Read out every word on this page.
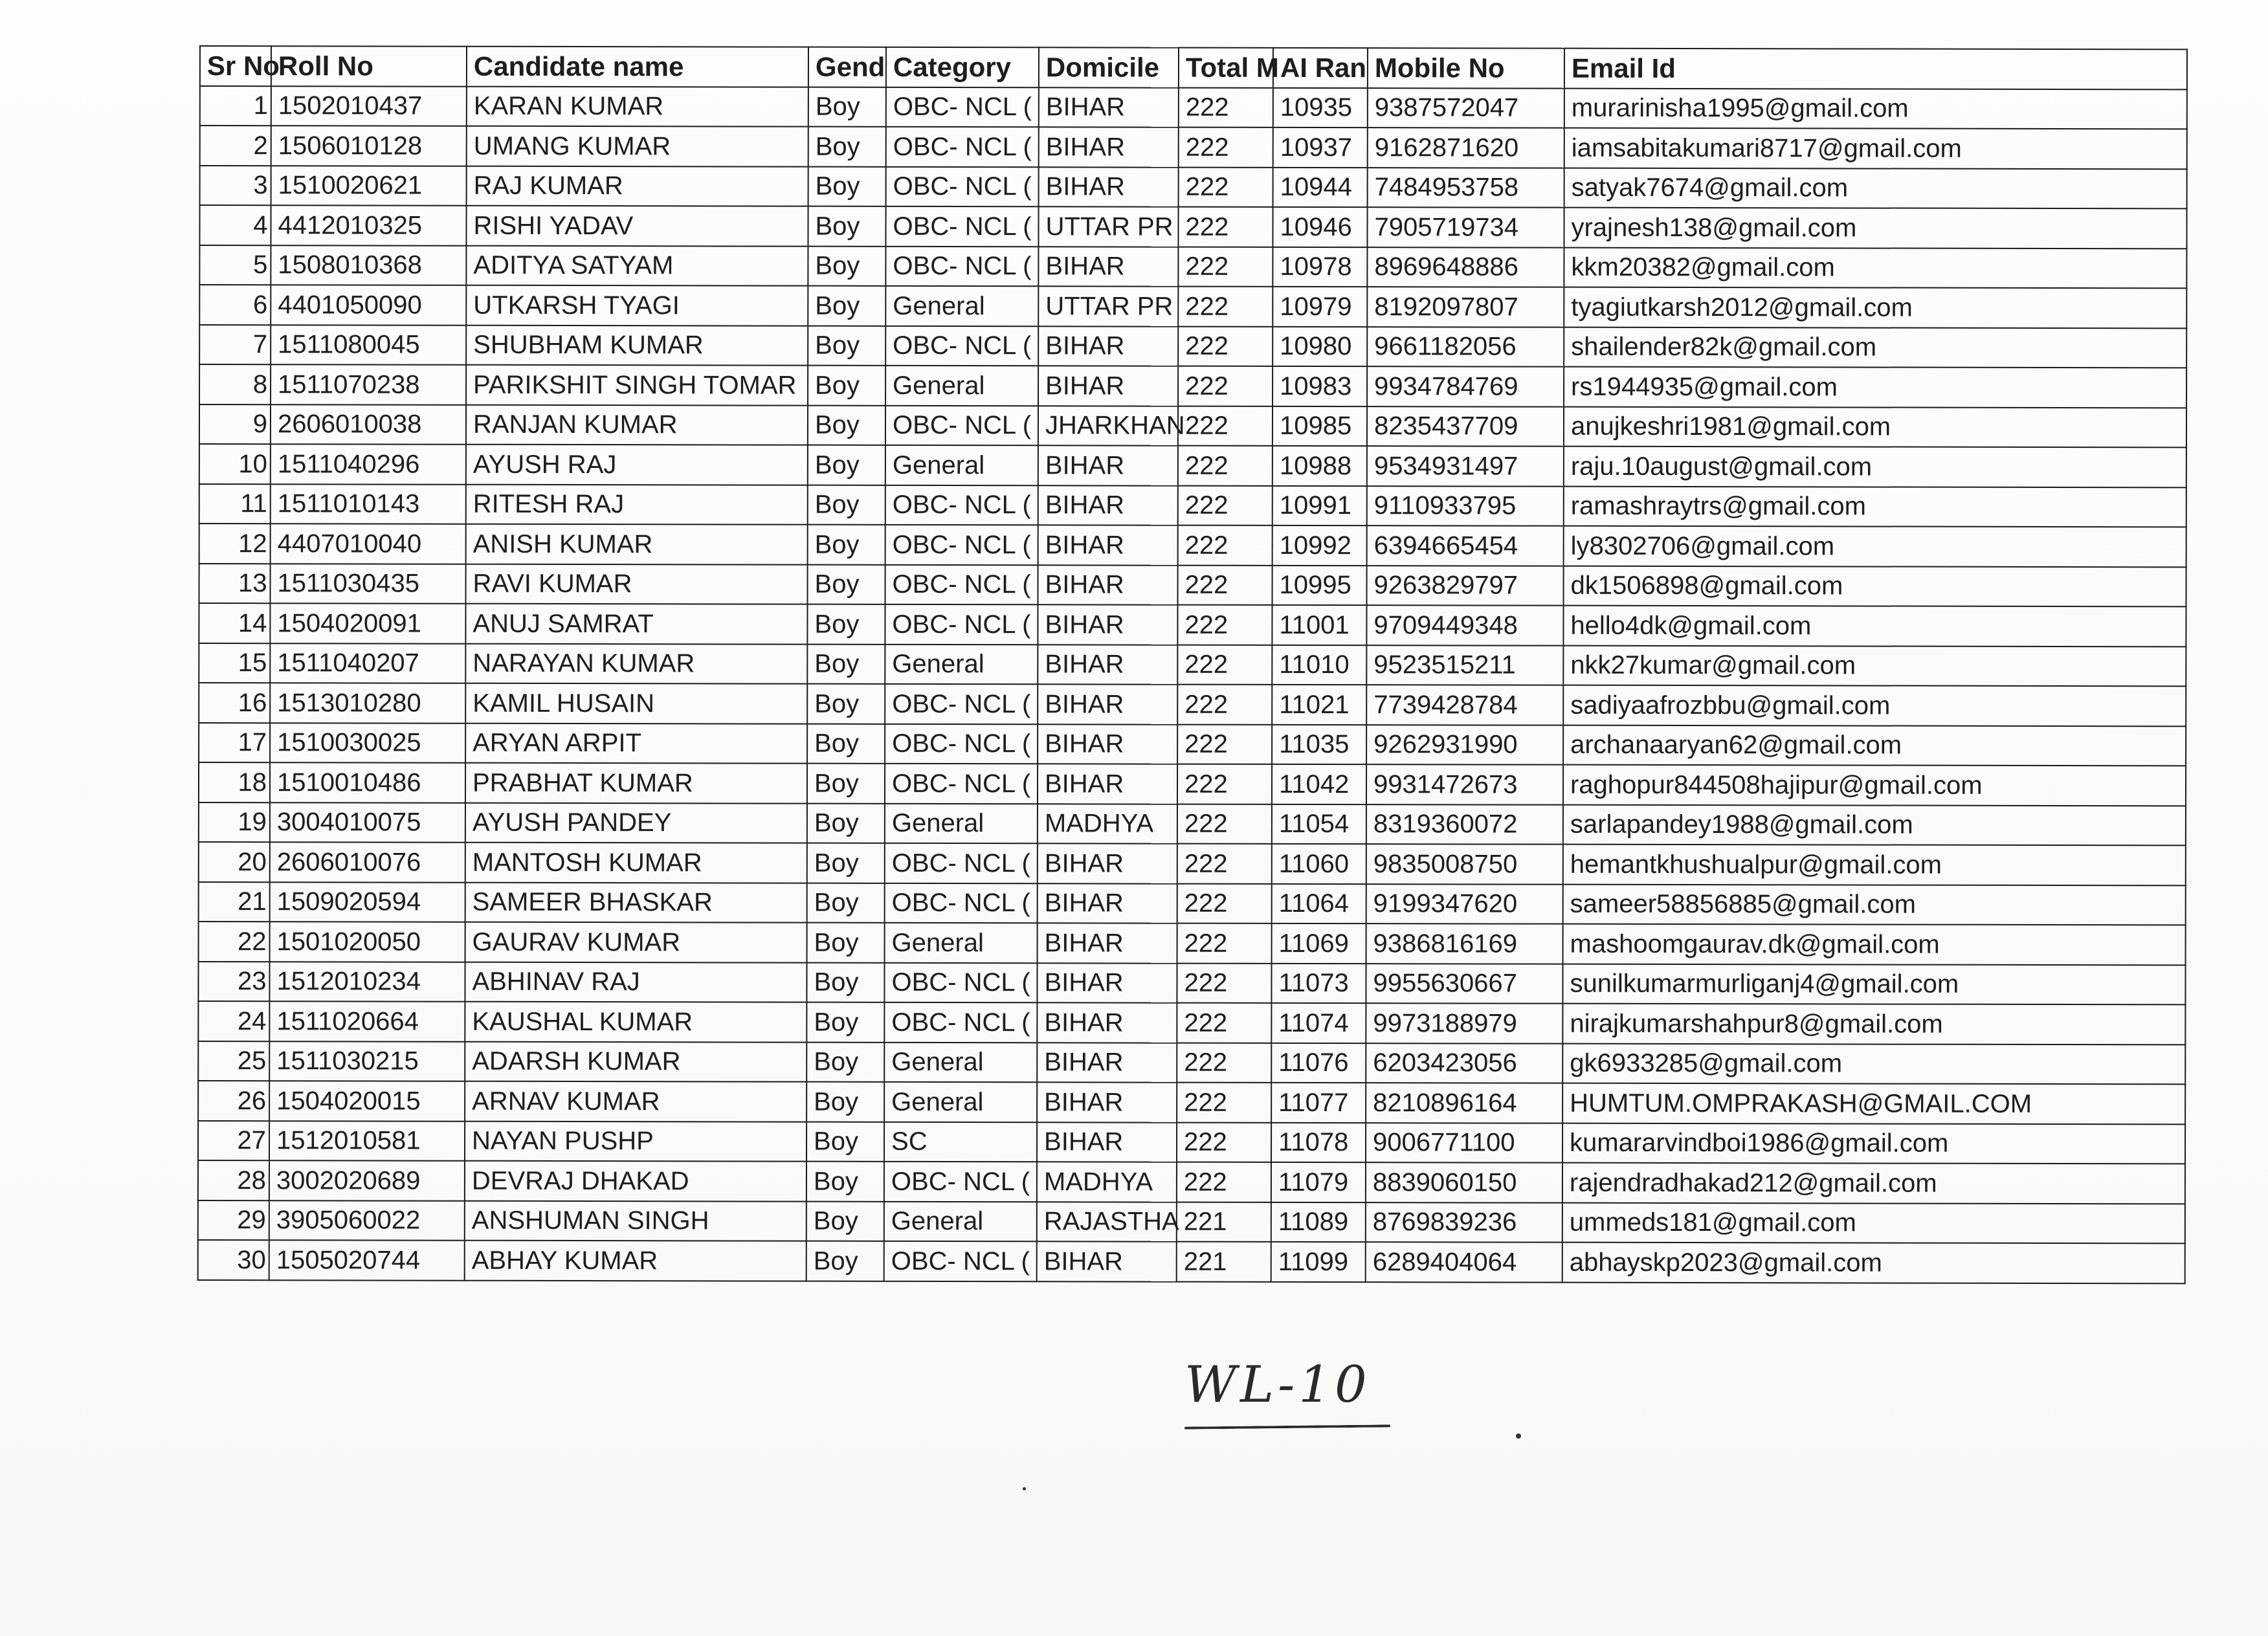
Sr No	Roll No	Candidate name	Gend	Category	Domicile	Total M	AI Ran	Mobile No	Email Id
1	1502010437	KARAN KUMAR	Boy	OBC- NCL (	BIHAR	222	10935	9387572047	murarinisha1995@gmail.com
2	1506010128	UMANG KUMAR	Boy	OBC- NCL (	BIHAR	222	10937	9162871620	iamsabitakumari8717@gmail.com
3	1510020621	RAJ KUMAR	Boy	OBC- NCL (	BIHAR	222	10944	7484953758	satyak7674@gmail.com
4	4412010325	RISHI YADAV	Boy	OBC- NCL (	UTTAR PR	222	10946	7905719734	yrajnesh138@gmail.com
5	1508010368	ADITYA SATYAM	Boy	OBC- NCL (	BIHAR	222	10978	8969648886	kkm20382@gmail.com
6	4401050090	UTKARSH TYAGI	Boy	General	UTTAR PR	222	10979	8192097807	tyagiutkarsh2012@gmail.com
7	1511080045	SHUBHAM KUMAR	Boy	OBC- NCL (	BIHAR	222	10980	9661182056	shailender82k@gmail.com
8	1511070238	PARIKSHIT SINGH TOMAR	Boy	General	BIHAR	222	10983	9934784769	rs1944935@gmail.com
9	2606010038	RANJAN KUMAR	Boy	OBC- NCL (	JHARKHAN	222	10985	8235437709	anujkeshri1981@gmail.com
10	1511040296	AYUSH RAJ	Boy	General	BIHAR	222	10988	9534931497	raju.10august@gmail.com
11	1511010143	RITESH RAJ	Boy	OBC- NCL (	BIHAR	222	10991	9110933795	ramashraytrs@gmail.com
12	4407010040	ANISH KUMAR	Boy	OBC- NCL (	BIHAR	222	10992	6394665454	ly8302706@gmail.com
13	1511030435	RAVI KUMAR	Boy	OBC- NCL (	BIHAR	222	10995	9263829797	dk1506898@gmail.com
14	1504020091	ANUJ SAMRAT	Boy	OBC- NCL (	BIHAR	222	11001	9709449348	hello4dk@gmail.com
15	1511040207	NARAYAN KUMAR	Boy	General	BIHAR	222	11010	9523515211	nkk27kumar@gmail.com
16	1513010280	KAMIL HUSAIN	Boy	OBC- NCL (	BIHAR	222	11021	7739428784	sadiyaafrozbbu@gmail.com
17	1510030025	ARYAN ARPIT	Boy	OBC- NCL (	BIHAR	222	11035	9262931990	archanaaryan62@gmail.com
18	1510010486	PRABHAT KUMAR	Boy	OBC- NCL (	BIHAR	222	11042	9931472673	raghopur844508hajipur@gmail.com
19	3004010075	AYUSH PANDEY	Boy	General	MADHYA	222	11054	8319360072	sarlapandey1988@gmail.com
20	2606010076	MANTOSH KUMAR	Boy	OBC- NCL (	BIHAR	222	11060	9835008750	hemantkhushualpur@gmail.com
21	1509020594	SAMEER BHASKAR	Boy	OBC- NCL (	BIHAR	222	11064	9199347620	sameer58856885@gmail.com
22	1501020050	GAURAV KUMAR	Boy	General	BIHAR	222	11069	9386816169	mashoomgaurav.dk@gmail.com
23	1512010234	ABHINAV RAJ	Boy	OBC- NCL (	BIHAR	222	11073	9955630667	sunilkumarmurliganj4@gmail.com
24	1511020664	KAUSHAL KUMAR	Boy	OBC- NCL (	BIHAR	222	11074	9973188979	nirajkumarshahpur8@gmail.com
25	1511030215	ADARSH KUMAR	Boy	General	BIHAR	222	11076	6203423056	gk6933285@gmail.com
26	1504020015	ARNAV KUMAR	Boy	General	BIHAR	222	11077	8210896164	HUMTUM.OMPRAKASH@GMAIL.COM
27	1512010581	NAYAN PUSHP	Boy	SC	BIHAR	222	11078	9006771100	kumararvindboi1986@gmail.com
28	3002020689	DEVRAJ DHAKAD	Boy	OBC- NCL (	MADHYA	222	11079	8839060150	rajendradhakad212@gmail.com
29	3905060022	ANSHUMAN SINGH	Boy	General	RAJASTHA	221	11089	8769839236	ummeds181@gmail.com
30	1505020744	ABHAY KUMAR	Boy	OBC- NCL (	BIHAR	221	11099	6289404064	abhayskp2023@gmail.com
WL-10
